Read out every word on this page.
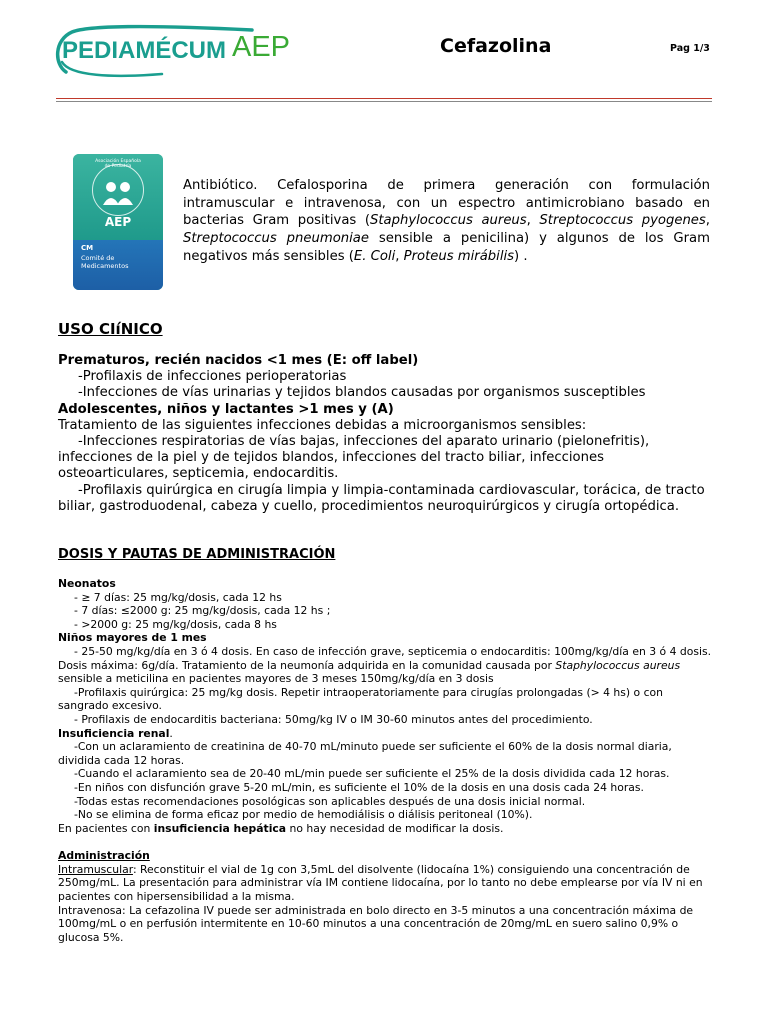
PEDIAMÉCUM AEP	Cefazolina	Pag 1/3
Asociación Española de Pediatría
AEP
CM
Comité de Medicamentos
Antibiótico. Cefalosporina de primera generación con formulación intramuscular e intravenosa, con un espectro antimicrobiano basado en bacterias Gram positivas (Staphylococcus aureus, Streptococcus pyogenes, Streptococcus pneumoniae sensible a penicilina) y algunos de los Gram negativos más sensibles (E. Coli, Proteus mirábilis) .
USO CIíNICO
Prematuros, recién nacidos <1 mes (E: off label)
-Profilaxis de infecciones perioperatorias
-Infecciones de vías urinarias y tejidos blandos causadas por organismos susceptibles
Adolescentes, niños y lactantes >1 mes y (A)
Tratamiento de las siguientes infecciones debidas a microorganismos sensibles:
-Infecciones respiratorias de vías bajas, infecciones del aparato urinario (pielonefritis), infecciones de la piel y de tejidos blandos, infecciones del tracto biliar, infecciones osteoarticulares, septicemia, endocarditis.
-Profilaxis quirúrgica en cirugía limpia y limpia-contaminada cardiovascular, torácica, de tracto biliar, gastroduodenal, cabeza y cuello, procedimientos neuroquirúrgicos y cirugía ortopédica.
DOSIS Y PAUTAS DE ADMINISTRACIÓN
Neonatos
- ≥ 7 días: 25 mg/kg/dosis, cada 12 hs
- 7 días: ≤2000 g: 25 mg/kg/dosis, cada 12 hs ;
- >2000 g: 25 mg/kg/dosis, cada 8 hs
Niños mayores de 1 mes
- 25-50 mg/kg/día en 3 ó 4 dosis. En caso de infección grave, septicemia o endocarditis: 100mg/kg/día en 3 ó 4 dosis. Dosis máxima: 6g/día. Tratamiento de la neumonía adquirida en la comunidad causada por Staphylococcus aureus sensible a meticilina en pacientes mayores de 3 meses 150mg/kg/día en 3 dosis
-Profilaxis quirúrgica: 25 mg/kg dosis. Repetir intraoperatoriamente para cirugías prolongadas (> 4 hs) o con sangrado excesivo.
- Profilaxis de endocarditis bacteriana: 50mg/kg IV o IM 30-60 minutos antes del procedimiento.
Insuficiencia renal.
-Con un aclaramiento de creatinina de 40-70 mL/minuto puede ser suficiente el 60% de la dosis normal diaria, dividida cada 12 horas.
-Cuando el aclaramiento sea de 20-40 mL/min puede ser suficiente el 25% de la dosis dividida cada 12 horas.
-En niños con disfunción grave 5-20 mL/min, es suficiente el 10% de la dosis en una dosis cada 24 horas.
-Todas estas recomendaciones posológicas son aplicables después de una dosis inicial normal.
-No se elimina de forma eficaz por medio de hemodiálisis o diálisis peritoneal (10%).
En pacientes con insuficiencia hepática no hay necesidad de modificar la dosis.
Administración
Intramuscular: Reconstituir el vial de 1g con 3,5mL del disolvente (lidocaína 1%) consiguiendo una concentración de 250mg/mL. La presentación para administrar vía IM contiene lidocaína, por lo tanto no debe emplearse por vía IV ni en pacientes con hipersensibilidad a la misma.
Intravenosa: La cefazolina IV puede ser administrada en bolo directo en 3-5 minutos a una concentración máxima de 100mg/mL o en perfusión intermitente en 10-60 minutos a una concentración de 20mg/mL en suero salino 0,9% o glucosa 5%.
